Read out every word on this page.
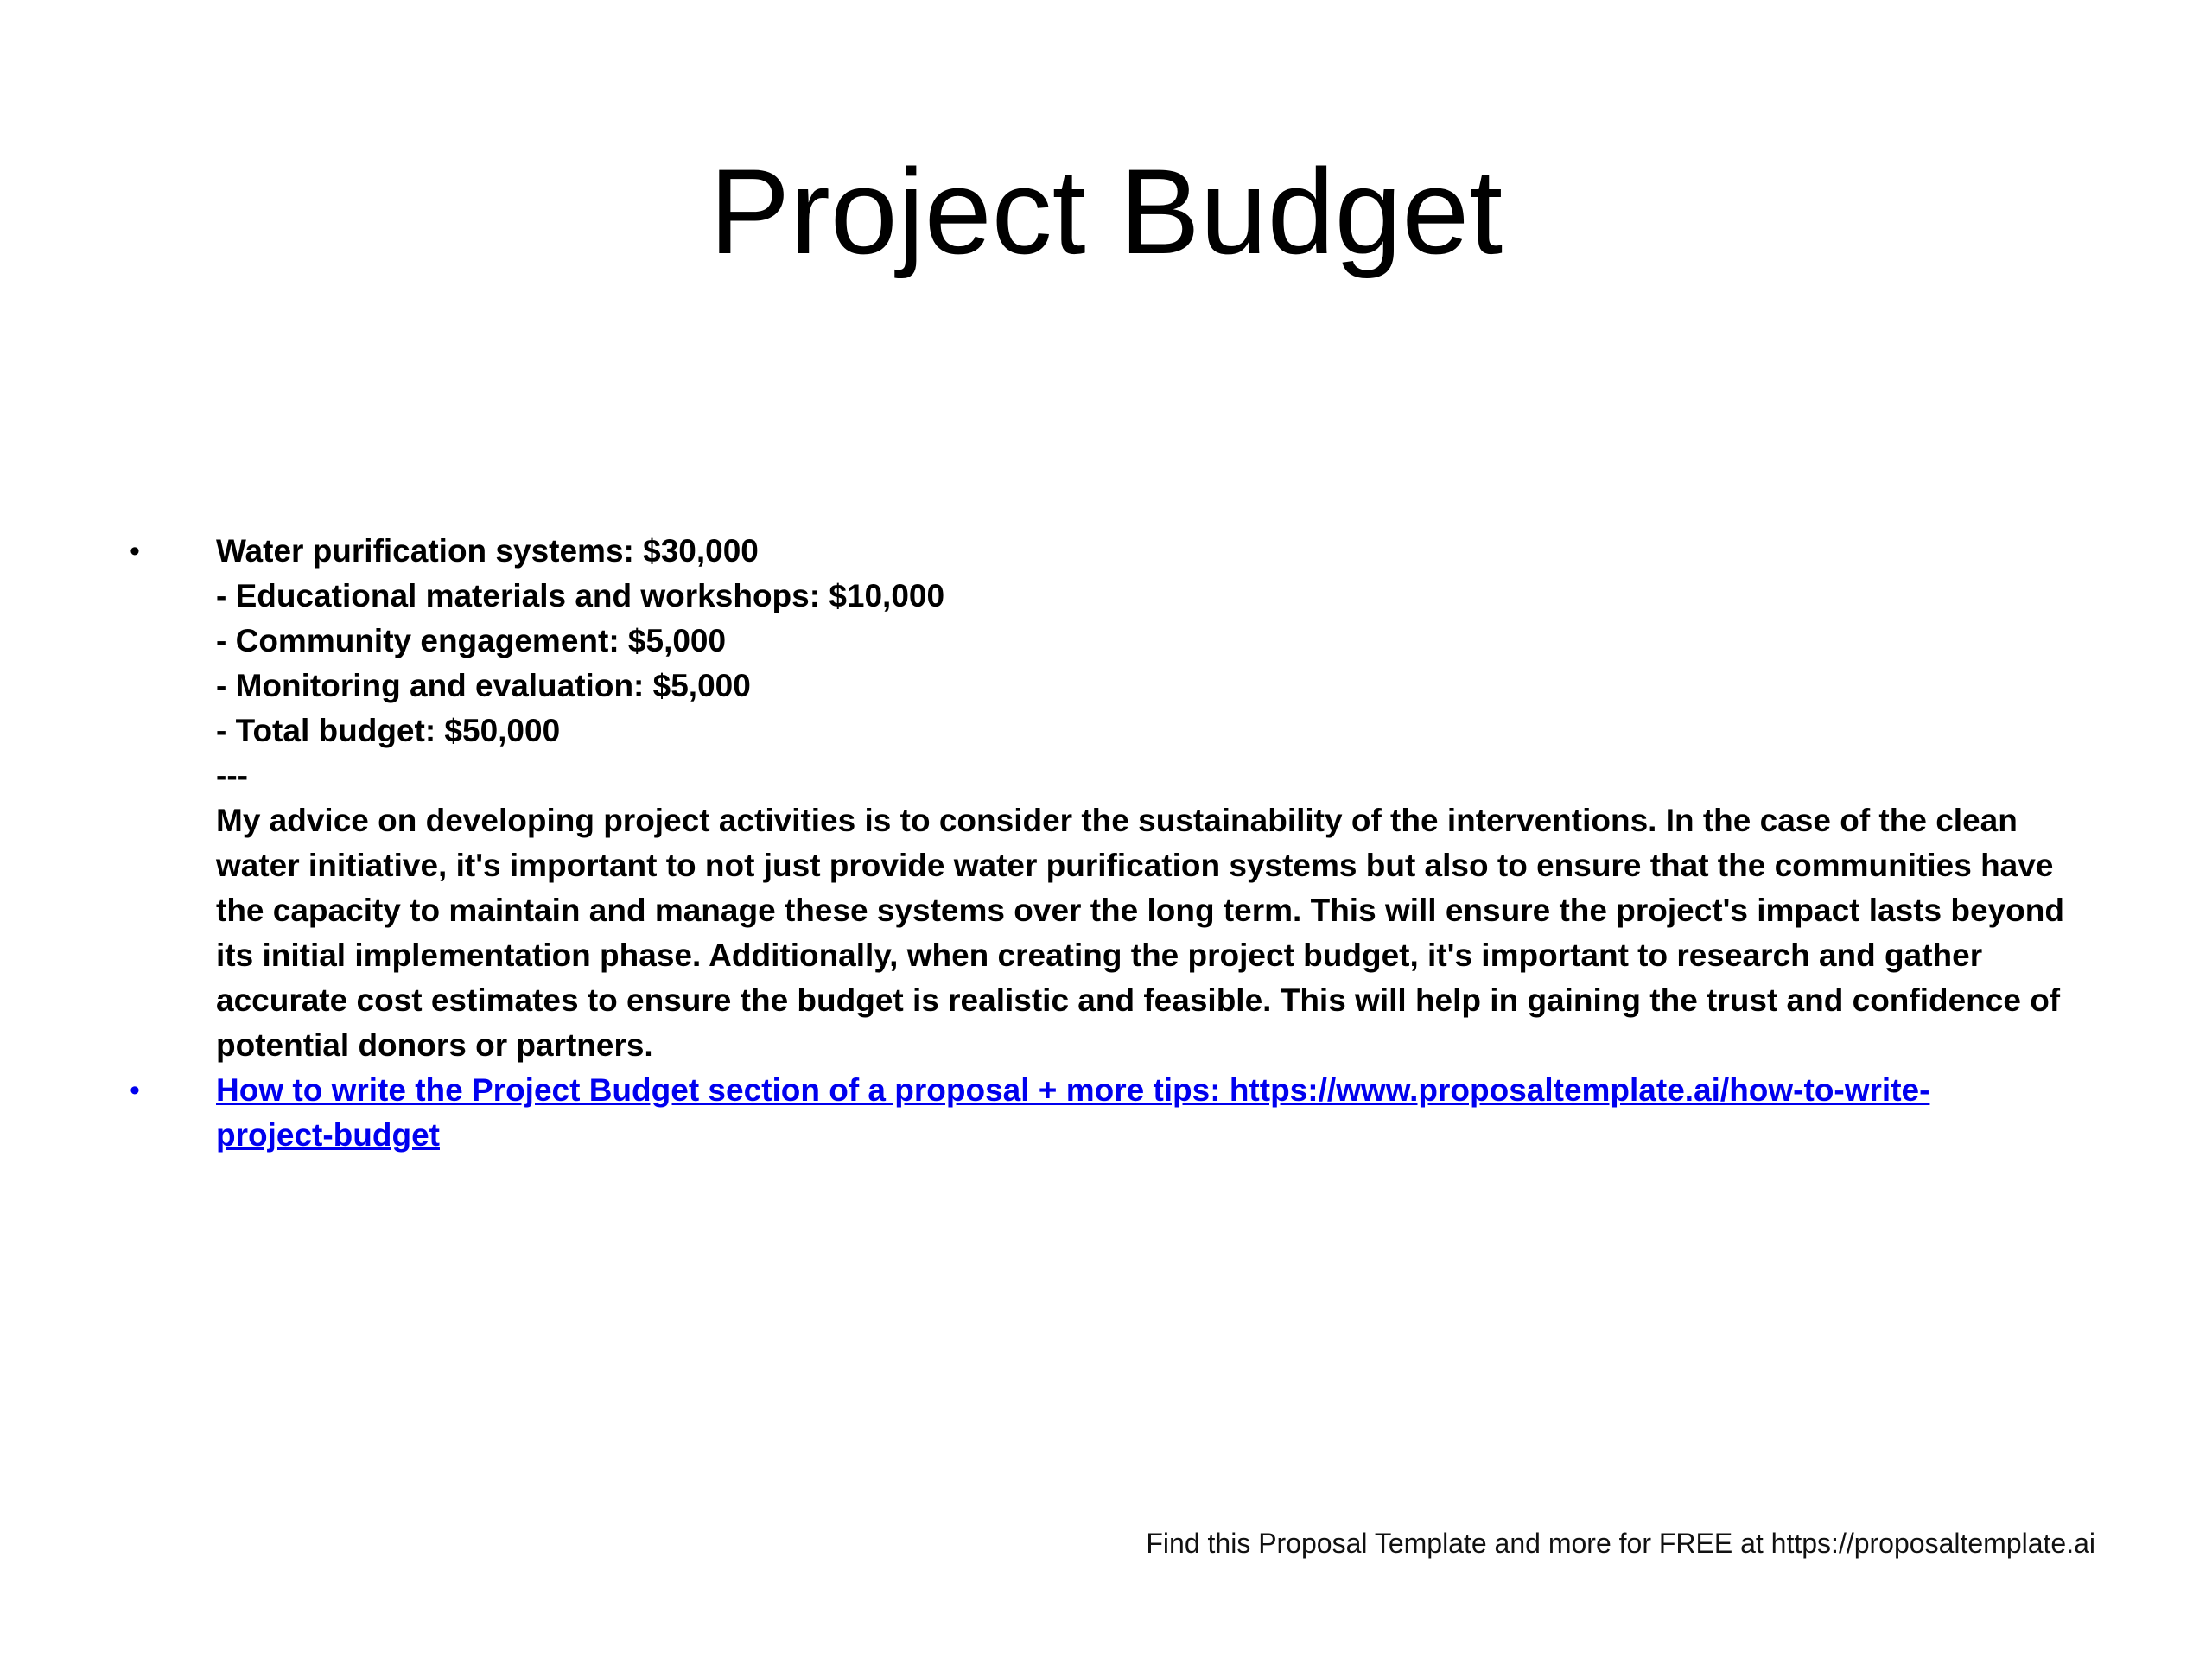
Project Budget
•	Water purification systems: $30,000
- Educational materials and workshops: $10,000
- Community engagement: $5,000
- Monitoring and evaluation: $5,000
- Total budget: $50,000
---
My advice on developing project activities is to consider the sustainability of the interventions. In the case of the clean water initiative, it's important to not just provide water purification systems but also to ensure that the communities have the capacity to maintain and manage these systems over the long term. This will ensure the project's impact lasts beyond its initial implementation phase. Additionally, when creating the project budget, it's important to research and gather accurate cost estimates to ensure the budget is realistic and feasible. This will help in gaining the trust and confidence of potential donors or partners.
•	How to write the Project Budget section of a proposal + more tips: https://www.proposaltemplate.ai/how-to-write-project-budget
Find this Proposal Template and more for FREE at https://proposaltemplate.ai
